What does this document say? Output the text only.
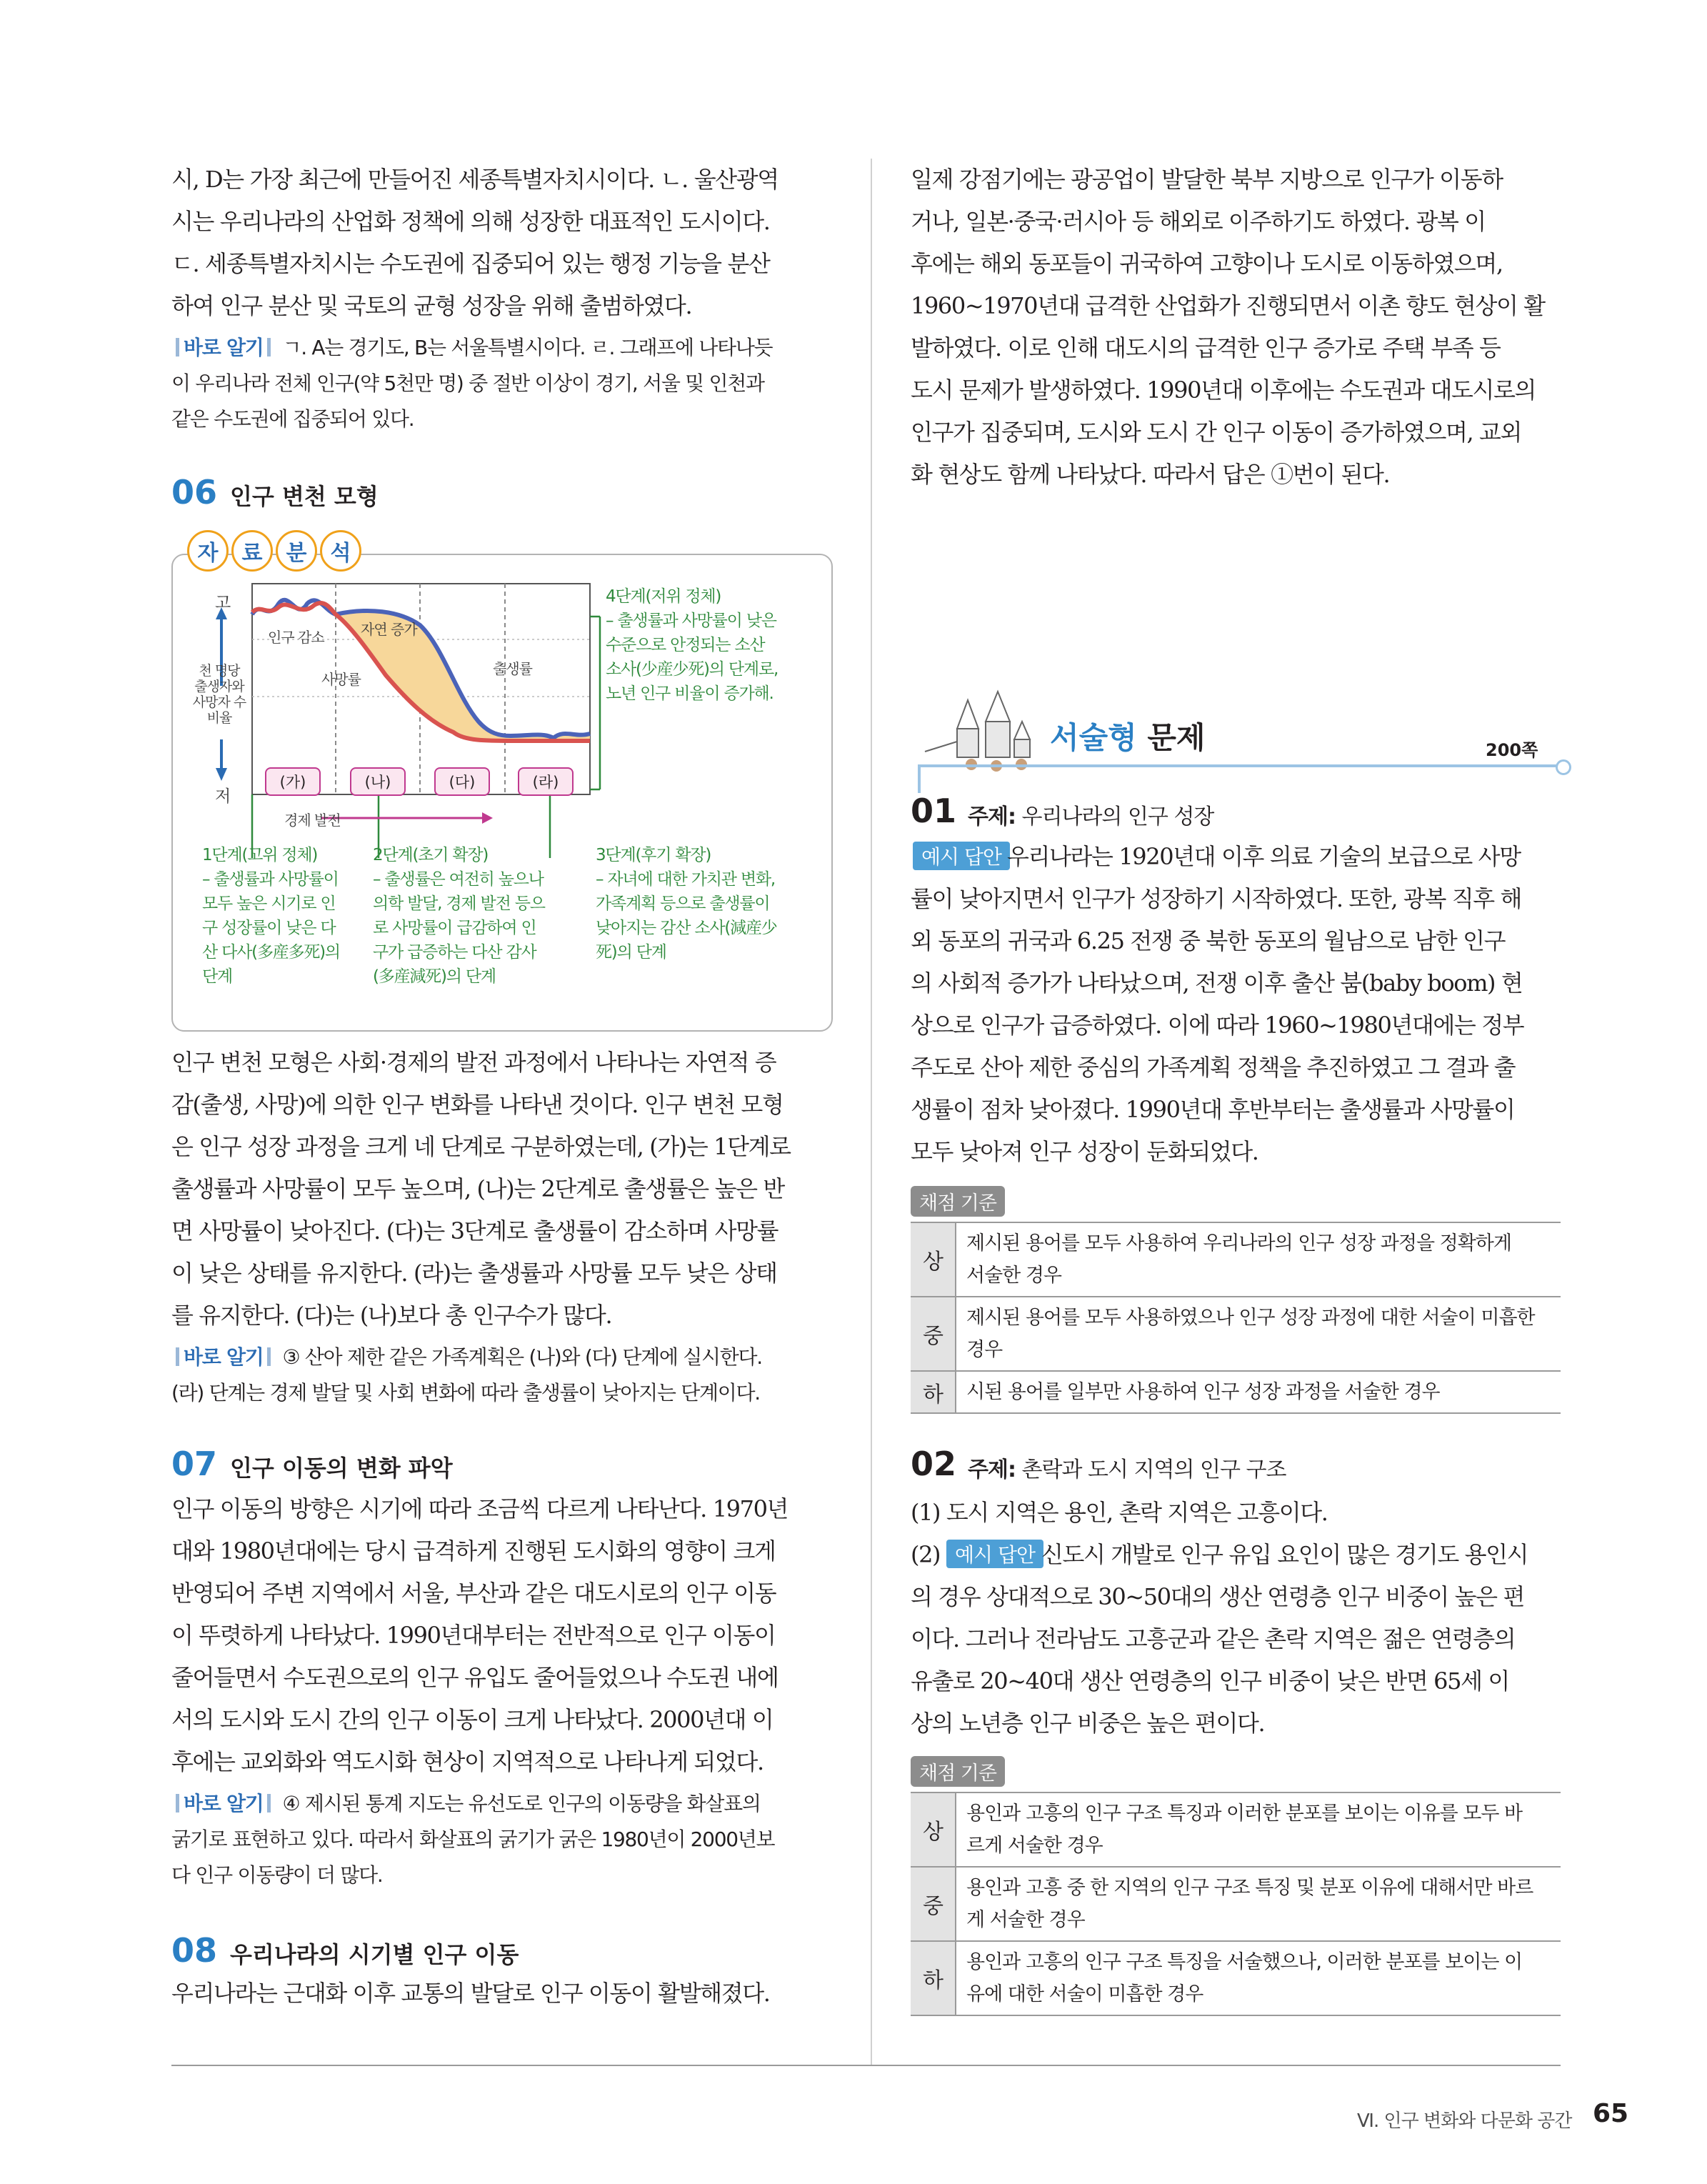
시, D는 가장 최근에 만들어진 세종특별자치시이다. ㄴ. 울산광역
시는 우리나라의 산업화 정책에 의해 성장한 대표적인 도시이다.
ㄷ. 세종특별자치시는 수도권에 집중되어 있는 행정 기능을 분산
하여 인구 분산 및 국토의 균형 성장을 위해 출범하였다.
바로 알기 ㄱ. A는 경기도, B는 서울특별시이다. ㄹ. 그래프에 나타나듯
이 우리나라 전체 인구(약 5천만 명) 중 절반 이상이 경기, 서울 및 인천과
같은 수도권에 집중되어 있다.
06 인구 변천 모형
자	료	분	석
(가)	(나)	(다)	(라)
고
저
천 명당
출생자와
사망자 수
비율
인구 감소	자연 증가
사망률
출생률
경제 발전
4단계(저위 정체)
– 출생률과 사망률이 낮은
수준으로 안정되는 소산
소사(少産少死)의 단계로,
노년 인구 비율이 증가해.
1단계(고위 정체)
– 출생률과 사망률이
모두 높은 시기로 인
구 성장률이 낮은 다
산 다사(多産多死)의
단계
2단계(초기 확장)
– 출생률은 여전히 높으나
의학 발달, 경제 발전 등으
로 사망률이 급감하여 인
구가 급증하는 다산 감사
(多産減死)의 단계
3단계(후기 확장)
– 자녀에 대한 가치관 변화,
가족계획 등으로 출생률이
낮아지는 감산 소사(減産少
死)의 단계
인구 변천 모형은 사회·경제의 발전 과정에서 나타나는 자연적 증
감(출생, 사망)에 의한 인구 변화를 나타낸 것이다. 인구 변천 모형
은 인구 성장 과정을 크게 네 단계로 구분하였는데, (가)는 1단계로
출생률과 사망률이 모두 높으며, (나)는 2단계로 출생률은 높은 반
면 사망률이 낮아진다. (다)는 3단계로 출생률이 감소하며 사망률
이 낮은 상태를 유지한다. (라)는 출생률과 사망률 모두 낮은 상태
를 유지한다. (다)는 (나)보다 총 인구수가 많다.
바로 알기 ③ 산아 제한 같은 가족계획은 (나)와 (다) 단계에 실시한다.
(라) 단계는 경제 발달 및 사회 변화에 따라 출생률이 낮아지는 단계이다.
07 인구 이동의 변화 파악
인구 이동의 방향은 시기에 따라 조금씩 다르게 나타난다. 1970년
대와 1980년대에는 당시 급격하게 진행된 도시화의 영향이 크게
반영되어 주변 지역에서 서울, 부산과 같은 대도시로의 인구 이동
이 뚜렷하게 나타났다. 1990년대부터는 전반적으로 인구 이동이
줄어들면서 수도권으로의 인구 유입도 줄어들었으나 수도권 내에
서의 도시와 도시 간의 인구 이동이 크게 나타났다. 2000년대 이
후에는 교외화와 역도시화 현상이 지역적으로 나타나게 되었다.
바로 알기 ④ 제시된 통계 지도는 유선도로 인구의 이동량을 화살표의
굵기로 표현하고 있다. 따라서 화살표의 굵기가 굵은 1980년이 2000년보
다 인구 이동량이 더 많다.
08 우리나라의 시기별 인구 이동
우리나라는 근대화 이후 교통의 발달로 인구 이동이 활발해졌다.
일제 강점기에는 광공업이 발달한 북부 지방으로 인구가 이동하
거나, 일본·중국·러시아 등 해외로 이주하기도 하였다. 광복 이
후에는 해외 동포들이 귀국하여 고향이나 도시로 이동하였으며,
1960~1970년대 급격한 산업화가 진행되면서 이촌 향도 현상이 활
발하였다. 이로 인해 대도시의 급격한 인구 증가로 주택 부족 등
도시 문제가 발생하였다. 1990년대 이후에는 수도권과 대도시로의
인구가 집중되며, 도시와 도시 간 인구 이동이 증가하였으며, 교외
화 현상도 함께 나타났다. 따라서 답은 ①번이 된다.
서술형 문제	200쪽
01 주제: 우리나라의 인구 성장
예시 답안 우리나라는 1920년대 이후 의료 기술의 보급으로 사망
률이 낮아지면서 인구가 성장하기 시작하였다. 또한, 광복 직후 해
외 동포의 귀국과 6.25 전쟁 중 북한 동포의 월남으로 남한 인구
의 사회적 증가가 나타났으며, 전쟁 이후 출산 붐(baby boom) 현
상으로 인구가 급증하였다. 이에 따라 1960~1980년대에는 정부
주도로 산아 제한 중심의 가족계획 정책을 추진하였고 그 결과 출
생률이 점차 낮아졌다. 1990년대 후반부터는 출생률과 사망률이
모두 낮아져 인구 성장이 둔화되었다.
채점 기준
상	제시된 용어를 모두 사용하여 우리나라의 인구 성장 과정을 정확하게
서술한 경우

중	제시된 용어를 모두 사용하였으나 인구 성장 과정에 대한 서술이 미흡한
경우

하	시된 용어를 일부만 사용하여 인구 성장 과정을 서술한 경우
02 주제: 촌락과 도시 지역의 인구 구조
(1) 도시 지역은 용인, 촌락 지역은 고흥이다.
(2) 예시 답안 신도시 개발로 인구 유입 요인이 많은 경기도 용인시
의 경우 상대적으로 30~50대의 생산 연령층 인구 비중이 높은 편
이다. 그러나 전라남도 고흥군과 같은 촌락 지역은 젊은 연령층의
유출로 20~40대 생산 연령층의 인구 비중이 낮은 반면 65세 이
상의 노년층 인구 비중은 높은 편이다.
채점 기준
상	용인과 고흥의 인구 구조 특징과 이러한 분포를 보이는 이유를 모두 바
르게 서술한 경우

중	용인과 고흥 중 한 지역의 인구 구조 특징 및 분포 이유에 대해서만 바르
게 서술한 경우

하	용인과 고흥의 인구 구조 특징을 서술했으나, 이러한 분포를 보이는 이
유에 대한 서술이 미흡한 경우
Ⅵ. 인구 변화와 다문화 공간 65
